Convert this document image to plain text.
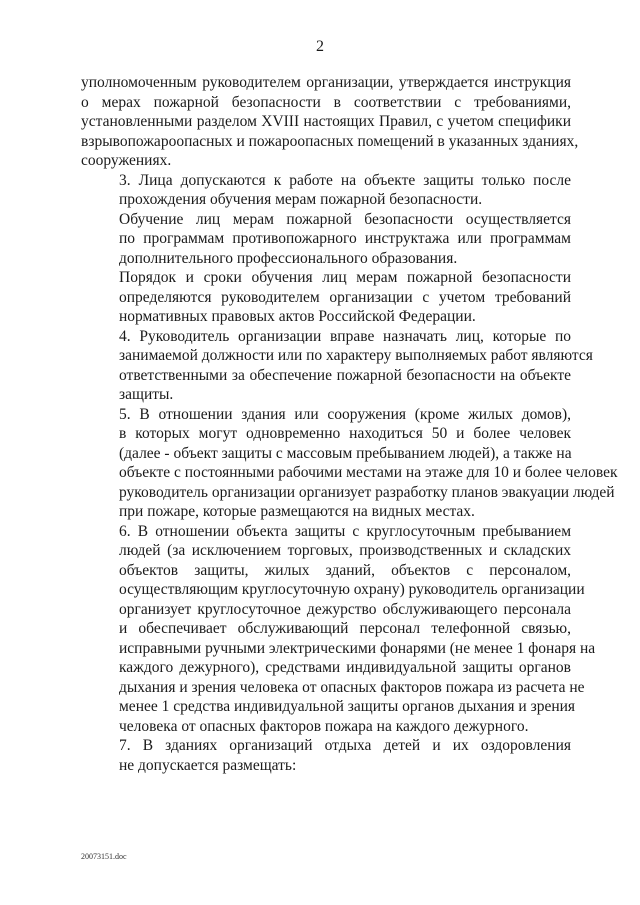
2

уполномоченным руководителем организации, утверждается инструкция
о мерах пожарной безопасности в соответствии с требованиями,
установленными разделом XVIII настоящих Правил, с учетом специфики
взрывопожароопасных и пожароопасных помещений в указанных зданиях,
сооружениях.

3. Лица допускаются к работе на объекте защиты только после
прохождения обучения мерам пожарной безопасности.

Обучение лиц мерам пожарной безопасности осуществляется
по программам противопожарного инструктажа или программам
дополнительного профессионального образования.

Порядок и сроки обучения лиц мерам пожарной безопасности
определяются руководителем организации с учетом требований
нормативных правовых актов Российской Федерации.

4. Руководитель организации вправе назначать лиц, которые по
занимаемой должности или по характеру выполняемых работ являются
ответственными за обеспечение пожарной безопасности на объекте
защиты.

5. В отношении здания или сооружения (кроме жилых домов),
в которых могут одновременно находиться 50 и более человек
(далее - объект защиты с массовым пребыванием людей), а также на
объекте с постоянными рабочими местами на этаже для 10 и более человек
руководитель организации организует разработку планов эвакуации людей
при пожаре, которые размещаются на видных местах.

6. В отношении объекта защиты с круглосуточным пребыванием
людей (за исключением торговых, производственных и складских
объектов защиты, жилых зданий, объектов с персоналом,
осуществляющим круглосуточную охрану) руководитель организации
организует круглосуточное дежурство обслуживающего персонала
и обеспечивает обслуживающий персонал телефонной связью,
исправными ручными электрическими фонарями (не менее 1 фонаря на
каждого дежурного), средствами индивидуальной защиты органов
дыхания и зрения человека от опасных факторов пожара из расчета не
менее 1 средства индивидуальной защиты органов дыхания и зрения
человека от опасных факторов пожара на каждого дежурного.

7. В зданиях организаций отдыха детей и их оздоровления
не допускается размещать:

20073151.doc
